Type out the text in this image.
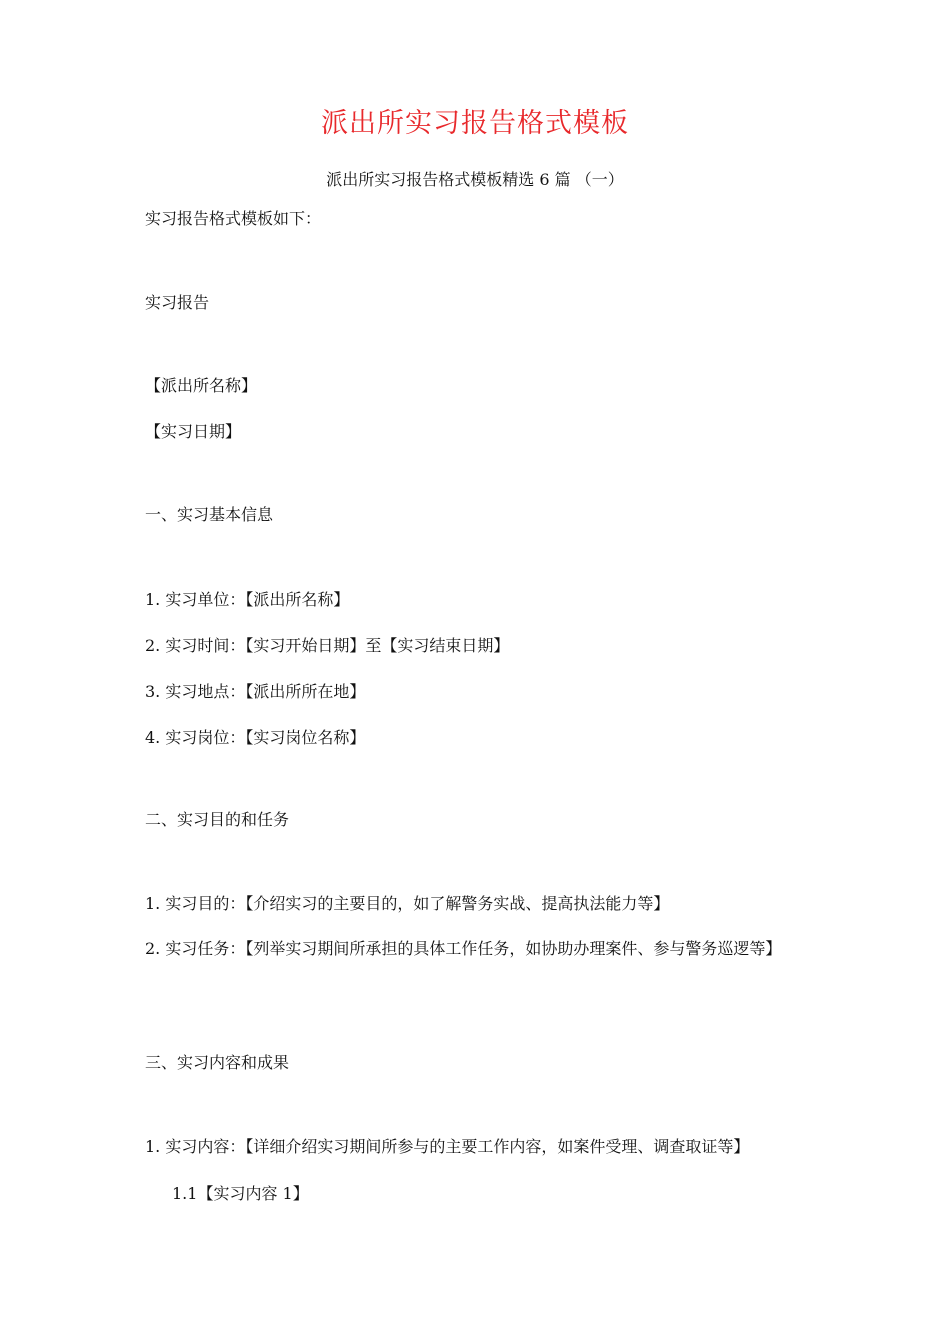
派出所实习报告格式模板
派出所实习报告格式模板精选 6 篇 （一）
实习报告格式模板如下：
实习报告
【派出所名称】
【实习日期】
一、实习基本信息
1. 实习单位：【派出所名称】
2. 实习时间：【实习开始日期】至【实习结束日期】
3. 实习地点：【派出所所在地】
4. 实习岗位：【实习岗位名称】
二、实习目的和任务
1. 实习目的：【介绍实习的主要目的，如了解警务实战、提高执法能力等】
2. 实习任务：【列举实习期间所承担的具体工作任务，如协助办理案件、参与警务巡逻等】
三、实习内容和成果
1. 实习内容：【详细介绍实习期间所参与的主要工作内容，如案件受理、调查取证等】
1.1【实习内容 1】
